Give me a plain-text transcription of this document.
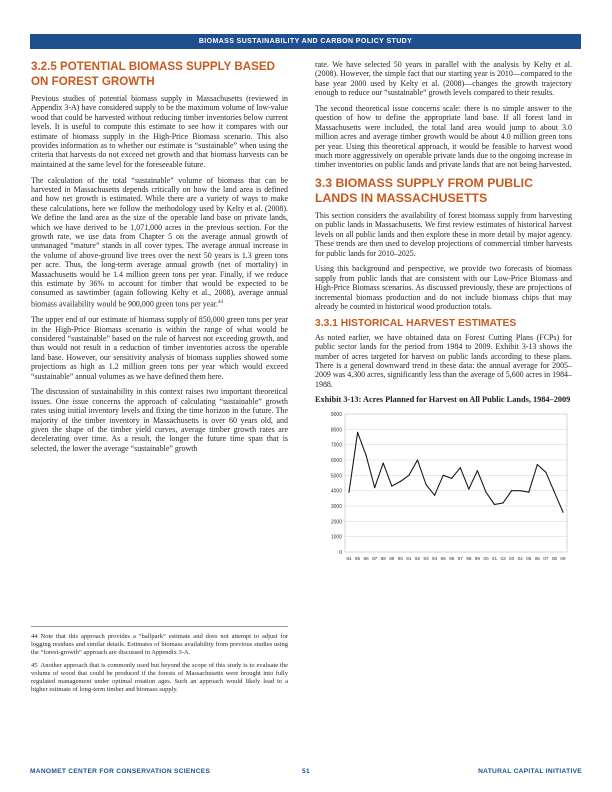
BIOMASS SUSTAINABILITY AND CARBON POLICY STUDY
3.2.5 POTENTIAL BIOMASS SUPPLY BASED ON FOREST GROWTH

Previous studies of potential biomass supply in Massachusetts (reviewed in Appendix 3-A) have considered supply to be the maximum volume of low-value wood that could be harvested without reducing timber inventories below current levels. It is useful to compute this estimate to see how it compares with our estimate of biomass supply in the High-Price Biomass scenario. This also provides information as to whether our estimate is “sustainable” when using the criteria that harvests do not exceed net growth and that biomass harvests can be maintained at the same level for the foreseeable future.

The calculation of the total “sustainable” volume of biomass that can be harvested in Massachusetts depends critically on how the land area is defined and how net growth is estimated. While there are a variety of ways to make these calculations, here we follow the methodology used by Kelty et al. (2008). We define the land area as the size of the operable land base on private lands, which we have derived to be 1,071,000 acres in the previous section. For the growth rate, we use data from Chapter 5 on the average annual growth of unmanaged “mature” stands in all cover types. The average annual increase in the volume of above-ground live trees over the next 50 years is 1.3 green tons per acre. Thus, the long-term average annual growth (net of mortality) in Massachusetts would be 1.4 million green tons per year. Finally, if we reduce this estimate by 36% to account for timber that would be expected to be consumed as sawtimber (again following Kelty et al., 2008), average annual biomass availability would be 900,000 green tons per year.$^{44}$

The upper end of our estimate of biomass supply of 850,000 green tons per year in the High-Price Biomass scenario is within the range of what would be considered “sustainable” based on the rule of harvest not exceeding growth, and thus would not result in a reduction of timber inventories across the operable land base. However, our sensitivity analysis of biomass supplies showed some projections as high as 1.2 million green tons per year which would exceed “sustainable” annual volumes as we have defined them here.

The discussion of sustainability in this context raises two important theoretical issues. One issue concerns the approach of calculating “sustainable” growth rates using initial inventory levels and fixing the time horizon in the future. The majority of the timber inventory in Massachusetts is over 60 years old, and given the shape of the timber yield curves, average timber growth rates are decelerating over time. As a result, the longer the future time span that is selected, the lower the average “sustainable” growth

44 Note that this approach provides a “ballpark” estimate and does not attempt to adjust for logging residues and similar details. Estimates of biomass availability from previous studies using the “forest-growth” approach are discussed in Appendix 3-A.

45 Another approach that is commonly used but beyond the scope of this study is to evaluate the volume of wood that could be produced if the forests of Massachusetts were brought into fully regulated management under optimal rotation ages. Such an approach would likely lead to a higher estimate of long-term timber and biomass supply.

rate. We have selected 50 years in parallel with the analysis by Kelty et al. (2008). However, the simple fact that our starting year is 2010—compared to the base year 2000 used by Kelty et al. (2008)—changes the growth trajectory enough to reduce our “sustainable” growth levels compared to their results.

The second theoretical issue concerns scale: there is no simple answer to the question of how to define the appropriate land base. If all forest land in Massachusetts were included, the total land area would jump to about 3.0 million acres and average timber growth would be about 4.0 million green tons per year. Using this theoretical approach, it would be feasible to harvest wood much more aggressively on operable private lands due to the ongoing increase in timber inventories on public lands and private lands that are not being harvested.

3.3 BIOMASS SUPPLY FROM PUBLIC LANDS IN MASSACHUSETTS

This section considers the availability of forest biomass supply from harvesting on public lands in Massachusetts. We first review estimates of historical harvest levels on all public lands and then explore these in more detail by major agency. These trends are then used to develop projections of commercial timber harvests for public lands for 2010–2025.

Using this background and perspective, we provide two forecasts of biomass supply from public lands that are consistent with our Low-Price Biomass and High-Price Biomass scenarios. As discussed previously, these are projections of incremental biomass production and do not include biomass chips that may already be counted in historical wood production totals.

3.3.1 HISTORICAL HARVEST ESTIMATES

As noted earlier, we have obtained data on Forest Cutting Plans (FCPs) for public sector lands for the period from 1984 to 2009. Exhibit 3-13 shows the number of acres targeted for harvest on public lands according to these plans. There is a general downward trend in these data: the annual average for 2005–2009 was 4,300 acres, significantly less than the average of 5,600 acres in 1984–1988.

Exhibit 3-13: Acres Planned for Harvest on All Public Lands, 1984–2009
0
1000
2000
3000
4000
5000
6000
7000
8000
9000
84 85 86 87 88 89 90 91 92 93 94 95 96 97 98 99 00 01 02 03 04 05 06 07 08 09
MANOMET CENTER FOR CONSERVATION SCIENCES	51	NATURAL CAPITAL INITIATIVE
